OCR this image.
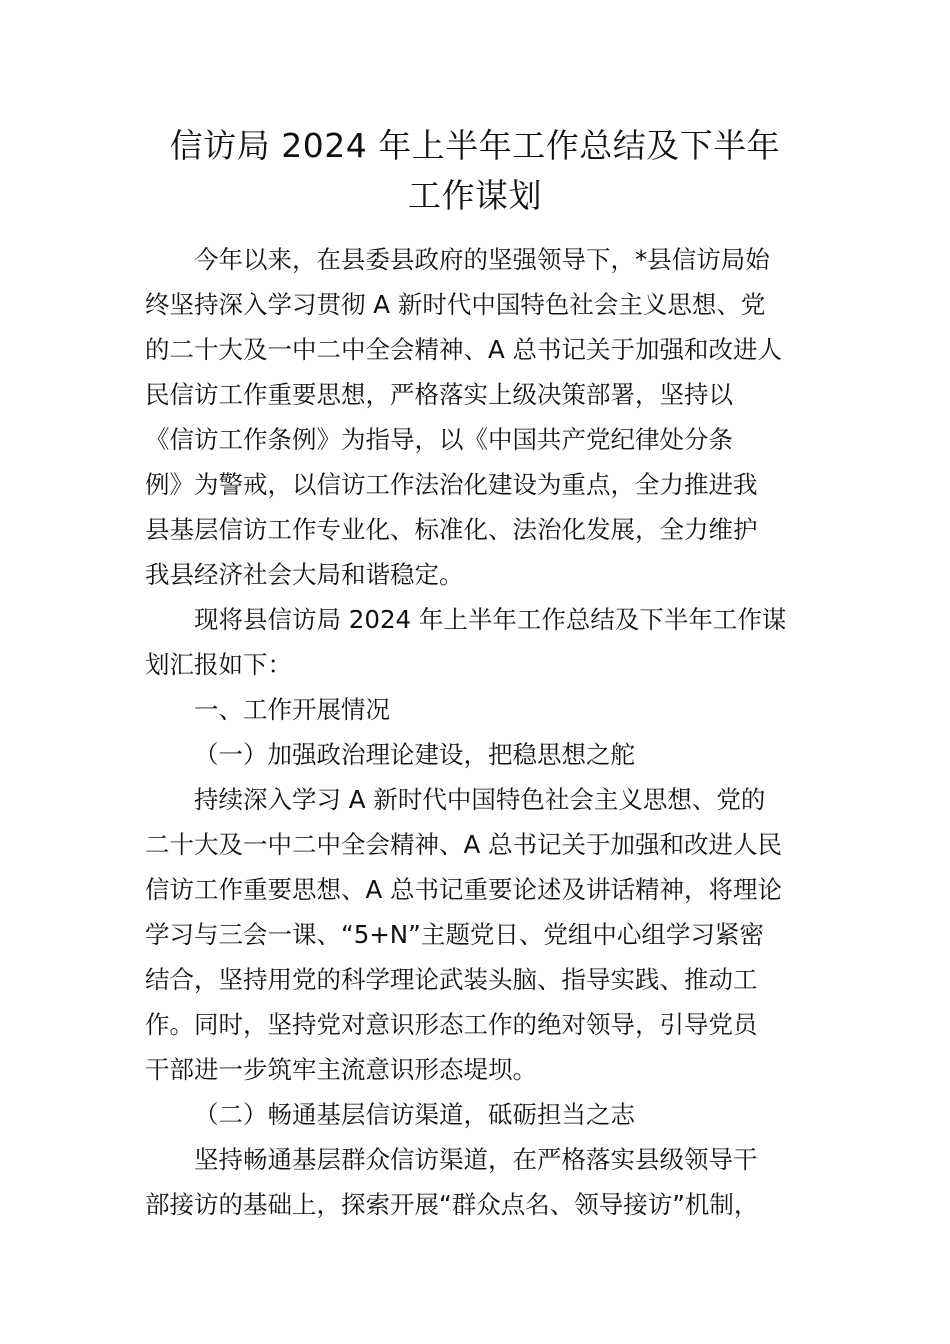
信访局 2024 年上半年工作总结及下半年
工作谋划
今年以来，在县委县政府的坚强领导下，*县信访局始
终坚持深入学习贯彻 A 新时代中国特色社会主义思想、党
的二十大及一中二中全会精神、A 总书记关于加强和改进人
民信访工作重要思想，严格落实上级决策部署，坚持以
《信访工作条例》为指导，以《中国共产党纪律处分条
例》为警戒，以信访工作法治化建设为重点，全力推进我
县基层信访工作专业化、标准化、法治化发展，全力维护
我县经济社会大局和谐稳定。
现将县信访局 2024 年上半年工作总结及下半年工作谋
划汇报如下：
一、工作开展情况
（一）加强政治理论建设，把稳思想之舵
持续深入学习 A 新时代中国特色社会主义思想、党的
二十大及一中二中全会精神、A 总书记关于加强和改进人民
信访工作重要思想、A 总书记重要论述及讲话精神，将理论
学习与三会一课、“5+N”主题党日、党组中心组学习紧密
结合，坚持用党的科学理论武装头脑、指导实践、推动工
作。同时，坚持党对意识形态工作的绝对领导，引导党员
干部进一步筑牢主流意识形态堤坝。
（二）畅通基层信访渠道，砥砺担当之志
坚持畅通基层群众信访渠道，在严格落实县级领导干
部接访的基础上，探索开展“群众点名、领导接访”机制，
